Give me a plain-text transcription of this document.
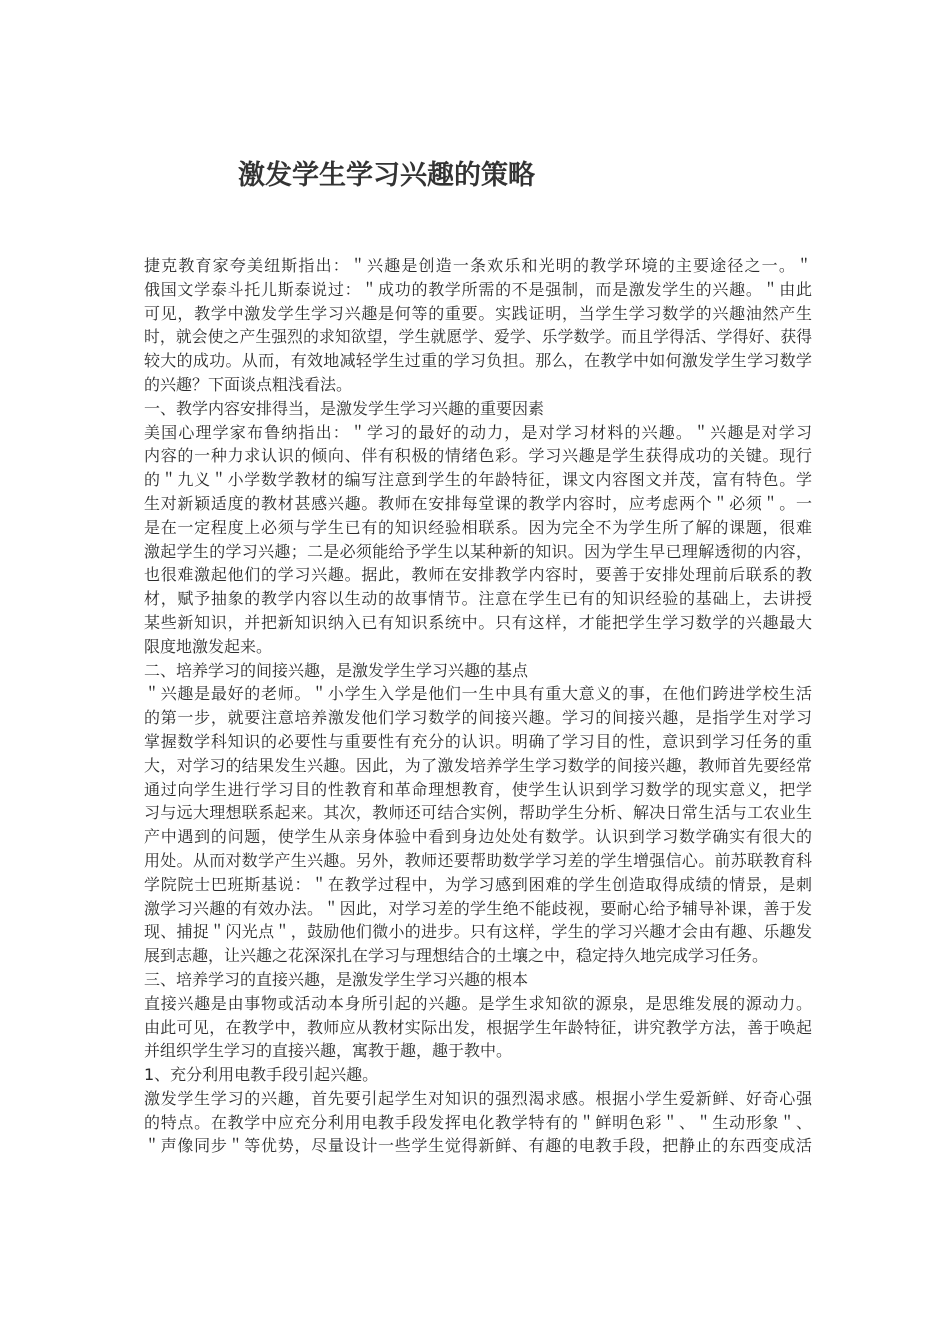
激发学生学习兴趣的策略
捷克教育家夸美纽斯指出：＂兴趣是创造一条欢乐和光明的教学环境的主要途径之一。＂
俄国文学泰斗托儿斯泰说过：＂成功的教学所需的不是强制，而是激发学生的兴趣。＂由此
可见，教学中激发学生学习兴趣是何等的重要。实践证明，当学生学习数学的兴趣油然产生
时，就会使之产生强烈的求知欲望，学生就愿学、爱学、乐学数学。而且学得活、学得好、获得
较大的成功。从而，有效地减轻学生过重的学习负担。那么，在教学中如何激发学生学习数学
的兴趣？下面谈点粗浅看法。
一、教学内容安排得当，是激发学生学习兴趣的重要因素
美国心理学家布鲁纳指出：＂学习的最好的动力，是对学习材料的兴趣。＂兴趣是对学习
内容的一种力求认识的倾向、伴有积极的情绪色彩。学习兴趣是学生获得成功的关键。现行
的＂九义＂小学数学教材的编写注意到学生的年龄特征，课文内容图文并茂，富有特色。学
生对新颖适度的教材甚感兴趣。教师在安排每堂课的教学内容时，应考虑两个＂必须＂。一
是在一定程度上必须与学生已有的知识经验相联系。因为完全不为学生所了解的课题，很难
激起学生的学习兴趣；二是必须能给予学生以某种新的知识。因为学生早已理解透彻的内容，
也很难激起他们的学习兴趣。据此，教师在安排教学内容时，要善于安排处理前后联系的教
材，赋予抽象的教学内容以生动的故事情节。注意在学生已有的知识经验的基础上，去讲授
某些新知识，并把新知识纳入已有知识系统中。只有这样，才能把学生学习数学的兴趣最大
限度地激发起来。
二、培养学习的间接兴趣，是激发学生学习兴趣的基点
＂兴趣是最好的老师。＂小学生入学是他们一生中具有重大意义的事，在他们跨进学校生活
的第一步，就要注意培养激发他们学习数学的间接兴趣。学习的间接兴趣，是指学生对学习
掌握数学科知识的必要性与重要性有充分的认识。明确了学习目的性，意识到学习任务的重
大，对学习的结果发生兴趣。因此，为了激发培养学生学习数学的间接兴趣，教师首先要经常
通过向学生进行学习目的性教育和革命理想教育，使学生认识到学习数学的现实意义，把学
习与远大理想联系起来。其次，教师还可结合实例，帮助学生分析、解决日常生活与工农业生
产中遇到的问题，使学生从亲身体验中看到身边处处有数学。认识到学习数学确实有很大的
用处。从而对数学产生兴趣。另外，教师还要帮助数学学习差的学生增强信心。前苏联教育科
学院院士巴班斯基说：＂在教学过程中，为学习感到困难的学生创造取得成绩的情景，是刺
激学习兴趣的有效办法。＂因此，对学习差的学生绝不能歧视，要耐心给予辅导补课，善于发
现、捕捉＂闪光点＂，鼓励他们微小的进步。只有这样，学生的学习兴趣才会由有趣、乐趣发
展到志趣，让兴趣之花深深扎在学习与理想结合的土壤之中，稳定持久地完成学习任务。
三、培养学习的直接兴趣，是激发学生学习兴趣的根本
直接兴趣是由事物或活动本身所引起的兴趣。是学生求知欲的源泉，是思维发展的源动力。
由此可见，在教学中，教师应从教材实际出发，根据学生年龄特征，讲究教学方法，善于唤起
并组织学生学习的直接兴趣，寓教于趣，趣于教中。
1、充分利用电教手段引起兴趣。
激发学生学习的兴趣，首先要引起学生对知识的强烈渴求感。根据小学生爱新鲜、好奇心强
的特点。在教学中应充分利用电教手段发挥电化教学特有的＂鲜明色彩＂、＂生动形象＂、
＂声像同步＂等优势，尽量设计一些学生觉得新鲜、有趣的电教手段，把静止的东西变成活
